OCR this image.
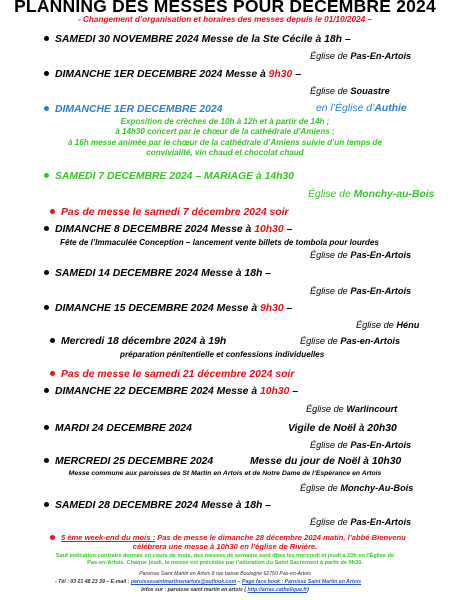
PLANNING DES MESSES POUR DECEMBRE 2024
- Changement d’organisation et horaires des messes depuis le 01/10/2024 –
SAMEDI 30 NOVEMBRE 2024 Messe de la Ste Cécile à 18h –
Église de Pas-En-Artois
DIMANCHE 1ER DECEMBRE 2024 Messe à 9h30 –
Église de Souastre
DIMANCHE 1ER DECEMBRE 2024	en l’Église d’Authie
Exposition de crèches de 10h à 12h et à partir de 14h ;
à 14h30 concert par le chœur de la cathédrale d’Amiens ;
à 16h messe animée par le chœur de la cathédrale d’Amiens suivie d’un temps de
convivialité, vin chaud et chocolat chaud
SAMEDI 7 DECEMBRE 2024 – MARIAGE à 14h30
Église de Monchy-au-Bois
Pas de messe le samedi 7 décembre 2024 soir
DIMANCHE 8 DECEMBRE 2024 Messe à 10h30 –
Fête de l’Immaculée Conception – lancement vente billets de tombola pour lourdes
Église de Pas-En-Artois
SAMEDI 14 DECEMBRE 2024 Messe à 18h –
Église de Pas-En-Artois
DIMANCHE 15 DECEMBRE 2024 Messe à 9h30 –
Église de Hénu
Mercredi 18 décembre 2024 à 19h	Église de Pas-en-Artois
préparation pénitentielle et confessions individuelles
Pas de messe le samedi 21 décembre 2024 soir
DIMANCHE 22 DECEMBRE 2024 Messe à 10h30 –
Église de Warlincourt
MARDI 24 DECEMBRE 2024	Vigile de Noël à 20h30
Église de Pas-En-Artois
MERCREDI 25 DECEMBRE 2024	Messe du jour de Noël à 10h30
Messe commune aux paroisses de St Martin en Artois et de Notre Dame de l’Espérance en Artois
Église de Monchy-Au-Bois
SAMEDI 28 DECEMBRE 2024 Messe à 18h –
Église de Pas-En-Artois
5 ème week-end du mois : Pas de messe le dimanche 28 décembre 2024 matin, l’abbé Bienvenu
célébrera une messe à 10h30 en l’église de Rivière.
Sauf indication contraire donnée en cours de mois, des messes de semaine sont dites les mercredi et jeudi à 10h en l’Église de
Pas-en-Artois. Chaque jeudi, la messe est précédée par l’adoration du Saint Sacrement à partir de 9h30.
Paroisse Saint Martin en Artois 8 rue basse Boulogne 62760 Pas-en-Artois
- Tél : 03 21 48 23 39 – E-mail : paroissesaintmartinenartois@outlook.com – Page face book : Paroisse Saint Martin en Artois
Infos sur : paroisse saint martin en artois ( http://arras.catholique.fr)
